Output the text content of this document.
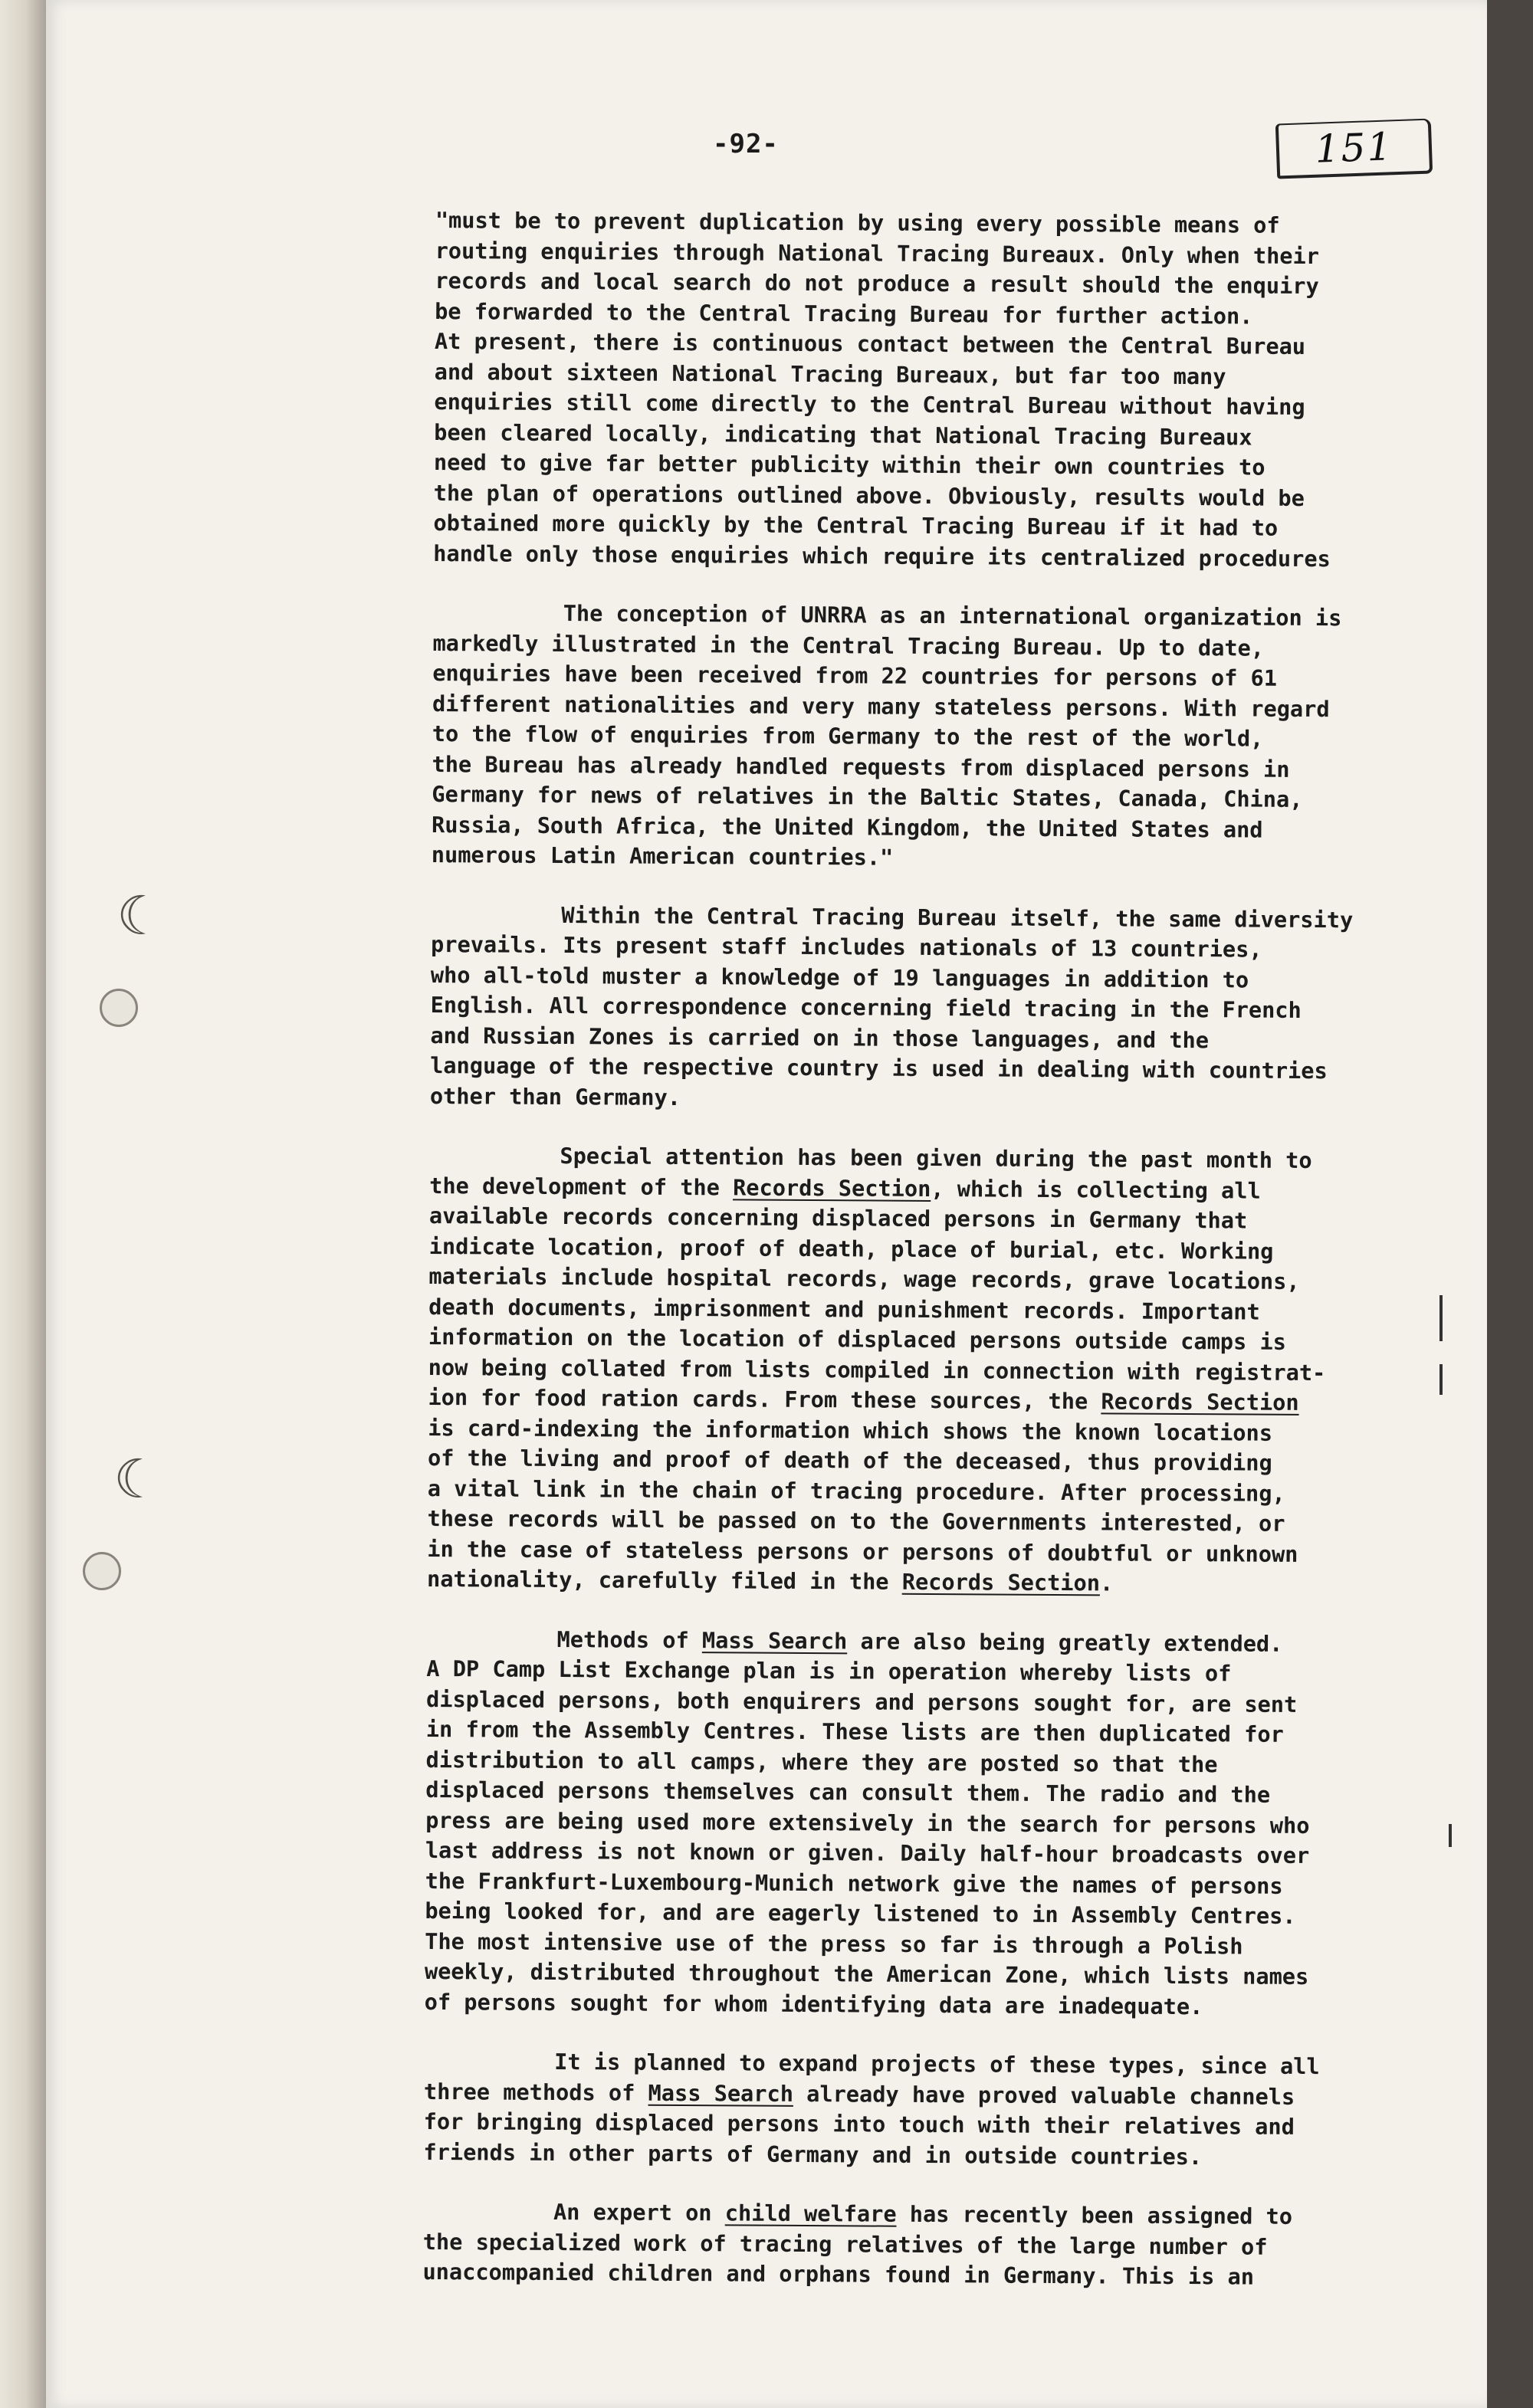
☾
☾
-92-	151
"must be to prevent duplication by using every possible means of
routing enquiries through National Tracing Bureaux. Only when their
records and local search do not produce a result should the enquiry
be forwarded to the Central Tracing Bureau for further action.
At present, there is continuous contact between the Central Bureau
and about sixteen National Tracing Bureaux, but far too many
enquiries still come directly to the Central Bureau without having
been cleared locally, indicating that National Tracing Bureaux
need to give far better publicity within their own countries to
the plan of operations outlined above. Obviously, results would be
obtained more quickly by the Central Tracing Bureau if it had to
handle only those enquiries which require its centralized procedures
The conception of UNRRA as an international organization is
markedly illustrated in the Central Tracing Bureau. Up to date,
enquiries have been received from 22 countries for persons of 61
different nationalities and very many stateless persons. With regard
to the flow of enquiries from Germany to the rest of the world,
the Bureau has already handled requests from displaced persons in
Germany for news of relatives in the Baltic States, Canada, China,
Russia, South Africa, the United Kingdom, the United States and
numerous Latin American countries."
Within the Central Tracing Bureau itself, the same diversity
prevails. Its present staff includes nationals of 13 countries,
who all-told muster a knowledge of 19 languages in addition to
English. All correspondence concerning field tracing in the French
and Russian Zones is carried on in those languages, and the
language of the respective country is used in dealing with countries
other than Germany.
Special attention has been given during the past month to
the development of the Records Section, which is collecting all
available records concerning displaced persons in Germany that
indicate location, proof of death, place of burial, etc. Working
materials include hospital records, wage records, grave locations,
death documents, imprisonment and punishment records. Important
information on the location of displaced persons outside camps is
now being collated from lists compiled in connection with registrat-
ion for food ration cards. From these sources, the Records Section
is card-indexing the information which shows the known locations
of the living and proof of death of the deceased, thus providing
a vital link in the chain of tracing procedure. After processing,
these records will be passed on to the Governments interested, or
in the case of stateless persons or persons of doubtful or unknown
nationality, carefully filed in the Records Section.
Methods of Mass Search are also being greatly extended.
A DP Camp List Exchange plan is in operation whereby lists of
displaced persons, both enquirers and persons sought for, are sent
in from the Assembly Centres. These lists are then duplicated for
distribution to all camps, where they are posted so that the
displaced persons themselves can consult them. The radio and the
press are being used more extensively in the search for persons who
last address is not known or given. Daily half-hour broadcasts over
the Frankfurt-Luxembourg-Munich network give the names of persons
being looked for, and are eagerly listened to in Assembly Centres.
The most intensive use of the press so far is through a Polish
weekly, distributed throughout the American Zone, which lists names
of persons sought for whom identifying data are inadequate.
It is planned to expand projects of these types, since all
three methods of Mass Search already have proved valuable channels
for bringing displaced persons into touch with their relatives and
friends in other parts of Germany and in outside countries.
An expert on child welfare has recently been assigned to
the specialized work of tracing relatives of the large number of
unaccompanied children and orphans found in Germany. This is an
